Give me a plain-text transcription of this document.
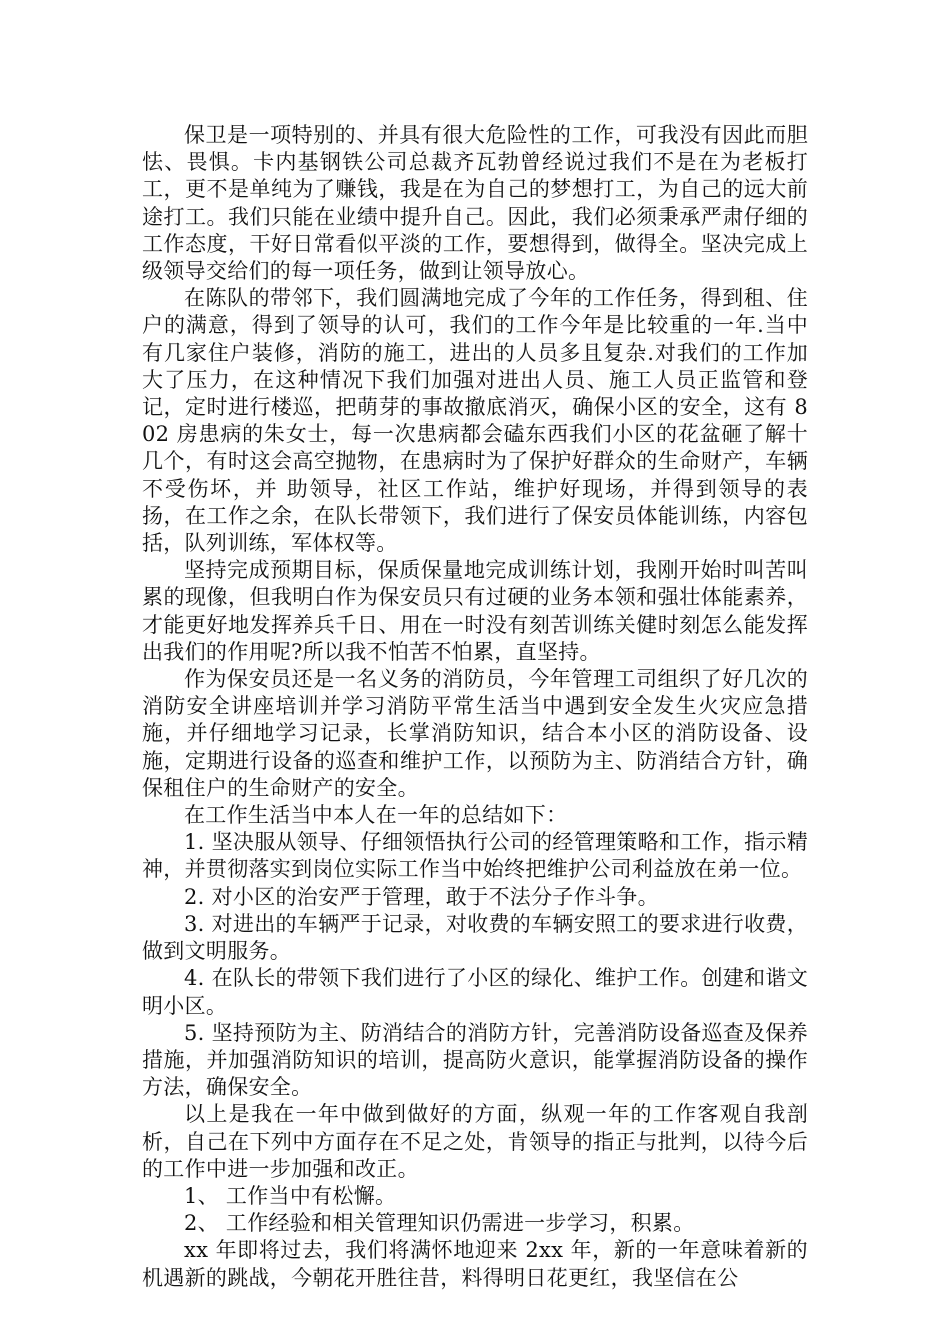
保卫是一项特别的、并具有很大危险性的工作，可我没有因此而胆怯、畏惧。卡内基钢铁公司总裁齐瓦勃曾经说过我们不是在为老板打工，更不是单纯为了赚钱，我是在为自己的梦想打工，为自己的远大前途打工。我们只能在业绩中提升自己。因此，我们必须秉承严肃仔细的工作态度，干好日常看似平淡的工作，要想得到，做得全。坚决完成上级领导交给们的每一项任务，做到让领导放心。

在陈队的带邻下，我们圆满地完成了今年的工作任务，得到租、住户的满意，得到了领导的认可，我们的工作今年是比较重的一年.当中有几家住户装修，消防的施工，进出的人员多且复杂.对我们的工作加大了压力，在这种情况下我们加强对进出人员、施工人员正监管和登记，定时进行楼巡，把萌芽的事故撤底消灭，确保小区的安全，这有 802 房患病的朱女士，每一次患病都会磕东西我们小区的花盆砸了解十几个，有时这会高空抛物，在患病时为了保护好群众的生命财产，车辆不受伤坏，并 助领导，社区工作站，维护好现场，并得到领导的表扬，在工作之余，在队长带领下，我们进行了保安员体能训练，内容包括，队列训练，军体权等。

坚持完成预期目标，保质保量地完成训练计划，我刚开始时叫苦叫累的现像，但我明白作为保安员只有过硬的业务本领和强壮体能素养，才能更好地发挥养兵千日、用在一时没有刻苦训练关健时刻怎么能发挥出我们的作用呢?所以我不怕苦不怕累，直坚持。

作为保安员还是一名义务的消防员，今年管理工司组织了好几次的消防安全讲座培训并学习消防平常生活当中遇到安全发生火灾应急措施，并仔细地学习记录，长掌消防知识，结合本小区的消防设备、设施，定期进行设备的巡查和维护工作，以预防为主、防消结合方针，确保租住户的生命财产的安全。

在工作生活当中本人在一年的总结如下：

1. 坚决服从领导、仔细领悟执行公司的经管理策略和工作，指示精神，并贯彻落实到岗位实际工作当中始终把维护公司利益放在弟一位。

2. 对小区的治安严于管理，敢于不法分子作斗争。

3. 对进出的车辆严于记录，对收费的车辆安照工的要求进行收费，做到文明服务。

4. 在队长的带领下我们进行了小区的绿化、维护工作。创建和谐文明小区。

5. 坚持预防为主、防消结合的消防方针，完善消防设备巡查及保养措施，并加强消防知识的培训，提高防火意识，能掌握消防设备的操作方法，确保安全。

以上是我在一年中做到做好的方面，纵观一年的工作客观自我剖析，自己在下列中方面存在不足之处，肯领导的指正与批判，以待今后的工作中进一步加强和改正。

1、 工作当中有松懈。

2、 工作经验和相关管理知识仍需进一步学习，积累。

xx 年即将过去，我们将满怀地迎来 2xx 年，新的一年意味着新的机遇新的跳战，今朝花开胜往昔，料得明日花更红，我坚信在公
